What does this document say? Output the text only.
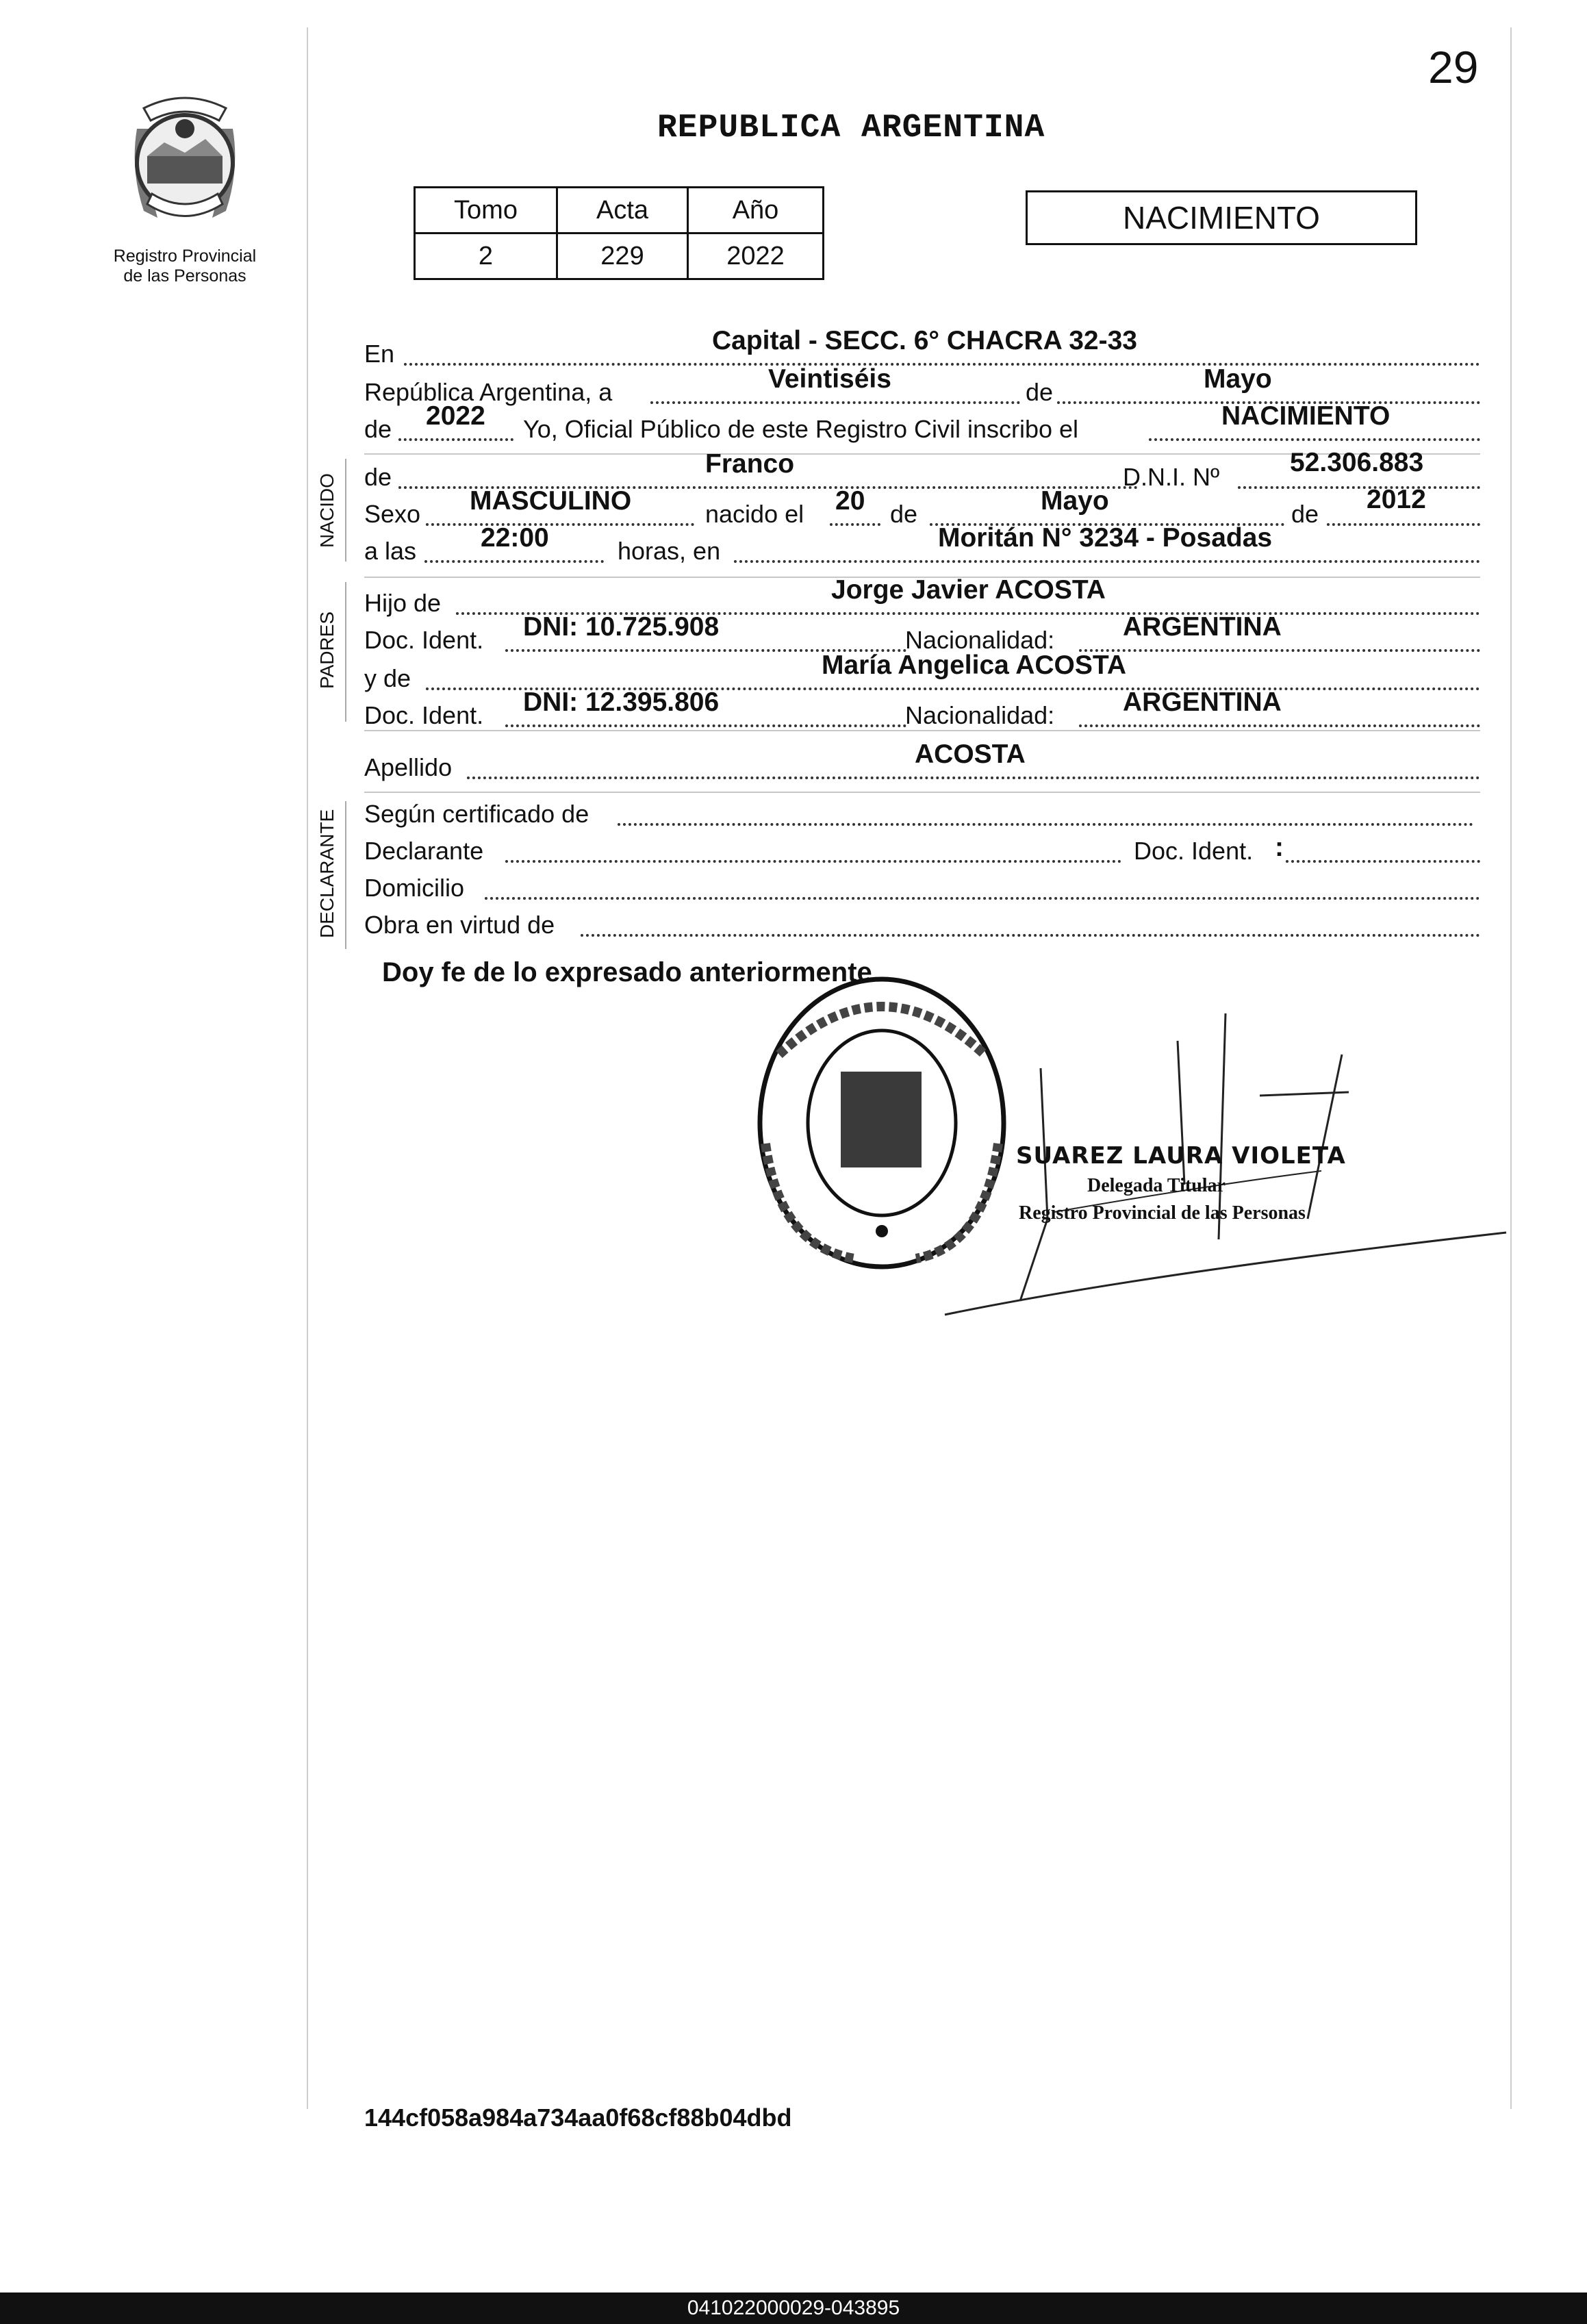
29
Registro Provincial
de las Personas
REPUBLICA ARGENTINA
Tomo	Acta	Año
2	229	2022
NACIMIENTO
En	Capital - SECC. 6° CHACRA 32-33
República Argentina, a	Veintiséis	de	Mayo
de 2022 Yo, Oficial Público de este Registro Civil inscribo el	NACIMIENTO
NACIDO de	Franco	D.N.I. Nº	52.306.883
Sexo MASCULINO	nacido el 20 de	Mayo	de 2012
a las 22:00	horas, en	Moritán N° 3234 - Posadas
PADRES
Hijo de	Jorge Javier ACOSTA
Doc. Ident. DNI: 10.725.908	Nacionalidad:	ARGENTINA
y de	María Angelica ACOSTA
Doc. Ident. DNI: 12.395.806	Nacionalidad:	ARGENTINA
Apellido	ACOSTA
DECLARANTE Según certificado de
Declarante	Doc. Ident. :
Domicilio
Obra en virtud de
Doy fe de lo expresado anteriormente
SUAREZ LAURA VIOLETA
Delegada Titular
Registro Provincial de las Personas
144cf058a984a734aa0f68cf88b04dbd
041022000029-043895
